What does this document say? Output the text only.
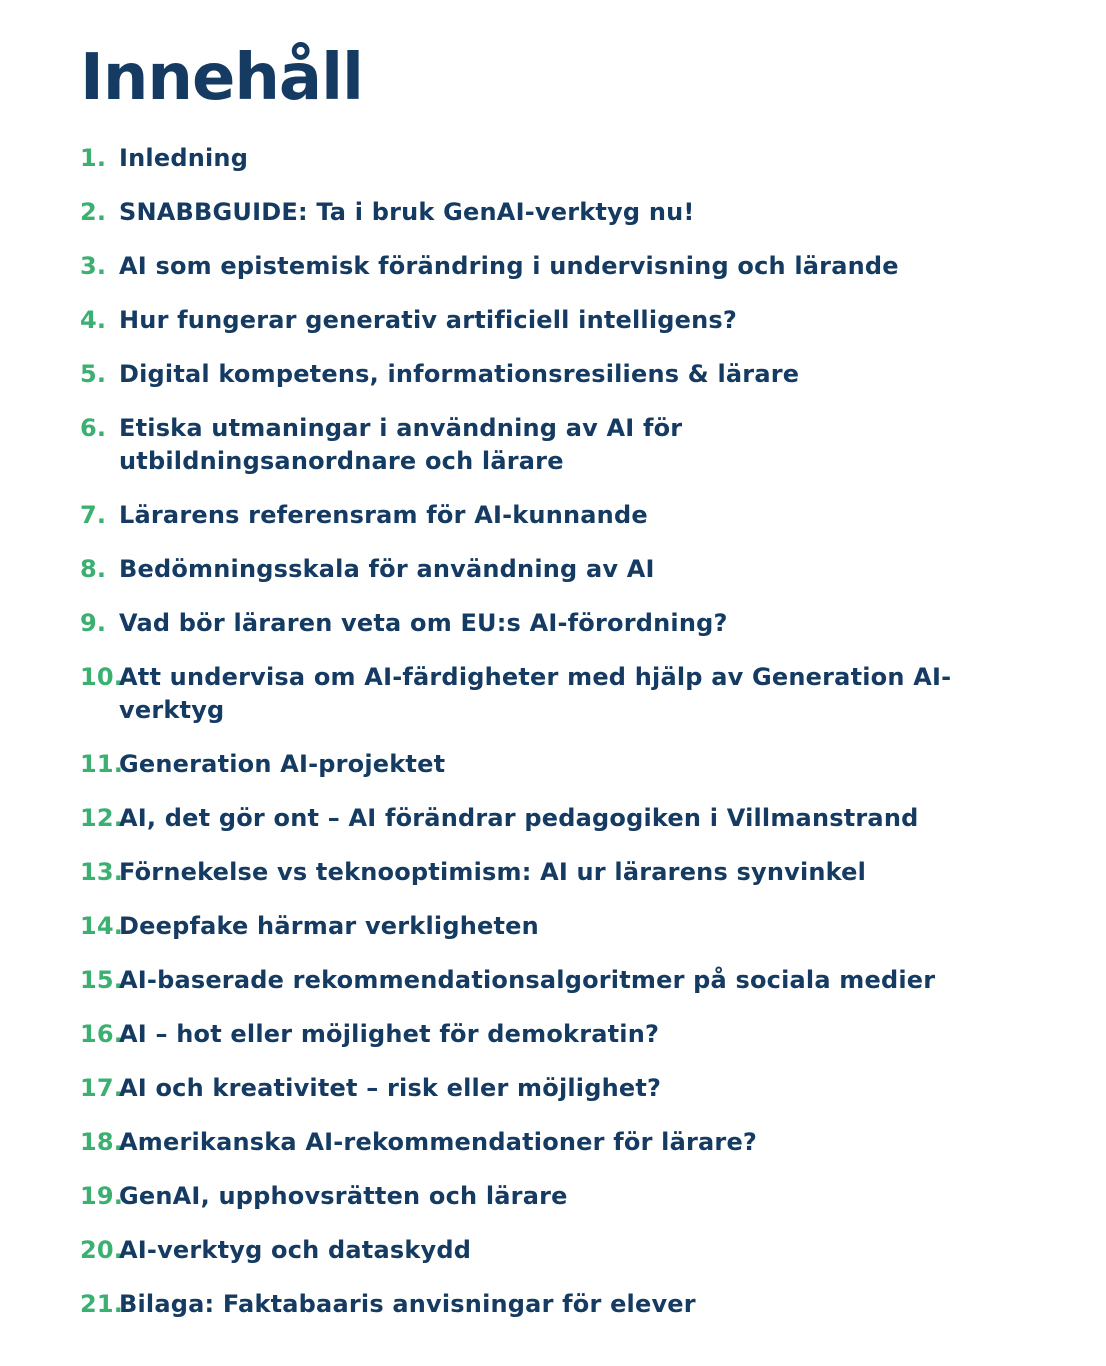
Innehåll
1. Inledning
2. SNABBGUIDE: Ta i bruk GenAI-verktyg nu!
3. AI som epistemisk förändring i undervisning och lärande
4. Hur fungerar generativ artificiell intelligens?
5. Digital kompetens, informationsresiliens & lärare
6. Etiska utmaningar i användning av AI för utbildningsanordnare och lärare
7. Lärarens referensram för AI-kunnande
8. Bedömningsskala för användning av AI
9. Vad bör läraren veta om EU:s AI-förordning?
10.
Att undervisa om AI-färdigheter med hjälp av Generation AI-verktyg
11.
Generation AI-projektet
12.
AI, det gör ont – AI förändrar pedagogiken i Villmanstrand
13.
Förnekelse vs teknooptimism: AI ur lärarens synvinkel
14.
Deepfake härmar verkligheten
15.
AI-baserade rekommendationsalgoritmer på sociala medier
16.
AI – hot eller möjlighet för demokratin?
17.
AI och kreativitet – risk eller möjlighet?
18.
Amerikanska AI-rekommendationer för lärare?
19.
GenAI, upphovsrätten och lärare
20.
AI-verktyg och dataskydd
21.
Bilaga: Faktabaaris anvisningar för elever
